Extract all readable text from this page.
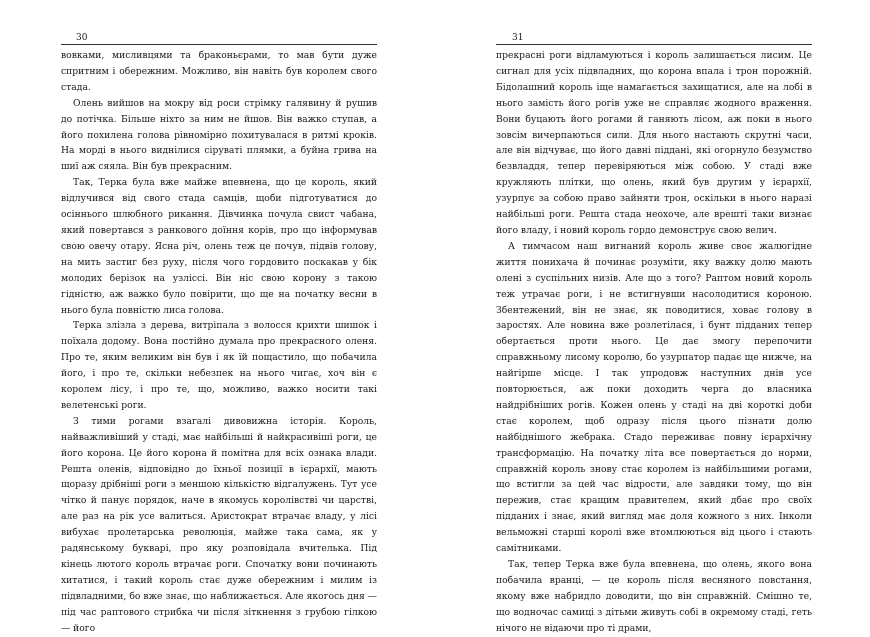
30

вовками, мисливцями та браконьєрами, то мав бути дуже спритним і обережним. Можливо, він навіть був королем свого стада.

Олень вийшов на мокру від роси стрімку галявину й рушив до потічка. Більше ніхто за ним не йшов. Він важко ступав, а його похилена голова рівномірно похитувалася в ритмі кроків. На морді в нього виднілися сіруваті плямки, а буйна грива на шиї аж сяяла. Він був прекрасним.

Так, Терка була вже майже впевнена, що це король, який відлучився від свого стада самців, щоби підготуватися до осіннього шлюбного рикання. Дівчинка почула свист чабана, який повертався з ранкового доїння корів, про що інформував свою овечу отару. Ясна річ, олень теж це почув, підвів голову, на мить застиг без руху, після чого гордовито поскакав у бік молодих берізок на узліссі. Він ніс свою корону з такою гідністю, аж важко було повірити, що ще на початку весни в нього була повністю лиса голова.

Терка злізла з дерева, витріпала з волосся крихти шишок і поїхала додому. Вона постійно думала про прекрасного оленя. Про те, яким великим він був і як їй пощастило, що побачила його, і про те, скільки небезпек на нього чигає, хоч він є королем лісу, і про те, що, можливо, важко носити такі велетенські роги.

З тими рогами взагалі дивовижна історія. Король, найважливіший у стаді, має найбільші й найкрасивіші роги, це його корона. Це його корона й помітна для всіх ознака влади. Решта оленів, відповідно до їхньої позиції в ієрархії, мають щоразу дрібніші роги з меншою кількістю відгалужень. Тут усе чітко й панує порядок, наче в якомусь королівстві чи царстві, але раз на рік усе валиться. Аристократ втрачає владу, у лісі вибухає пролетарська революція, майже така сама, як у радянському букварі, про яку розповідала вчителька. Під кінець лютого король втрачає роги. Спочатку вони починають хитатися, і такий король стає дуже обережним і милим із підвладними, бо вже знає, що наближається. Але якогось дня — під час раптового стрибка чи після зіткнення з грубою гілкою — його

31

прекрасні роги відламуються і король залишається лисим. Це сигнал для усіх підвладних, що корона впала і трон порожній. Бідолашний король іще намагається захищатися, але на лобі в нього замість його рогів уже не справляє жодного враження. Вони буцають його рогами й ганяють лісом, аж поки в нього зовсім вичерпаються сили. Для нього настають скрутні часи, але він відчуває, що його давні піддані, які огорнуло безумство безвладдя, тепер перевіряються між собою. У стаді вже кружляють плітки, що олень, який був другим у ієрархії, узурпує за собою право зайняти трон, оскільки в нього наразі найбільші роги. Решта стада неохоче, але врешті таки визнає його владу, і новий король гордо демонструє свою велич.

А тимчасом наш вигнаний король живе своє жалюгідне життя понихача й починає розуміти, яку важку долю мають олені з суспільних низів. Але що з того? Раптом новий король теж утрачає роги, і не встигнувши насолодитися короною. Збентежений, він не знає, як поводитися, ховає голову в заростях. Але новина вже розлетілася, і бунт підданих тепер обертається проти нього. Це дає змогу перепочити справжньому лисому королю, бо узурпатор падає ще нижче, на найгірше місце. І так упродовж наступних днів усе повторюється, аж поки доходить черга до власника найдрібніших рогів. Кожен олень у стаді на дві короткі доби стає королем, щоб одразу після цього пізнати долю найбіднішого жебрака. Стадо переживає повну ієрархічну трансформацію. На початку літа все повертається до норми, справжній король знову стає королем із найбільшими рогами, що встигли за цей час відрости, але завдяки тому, що він пережив, стає кращим правителем, який дбає про своїх підданих і знає, який вигляд має доля кожного з них. Інколи вельможні старші королі вже втомлюються від цього і стають самітниками.

Так, тепер Терка вже була впевнена, що олень, якого вона побачила вранці, — це король після весняного повстання, якому вже набридло доводити, що він справжній. Смішно те, що водночас самиці з дітьми живуть собі в окремому стаді, геть нічого не відаючи про ті драми,
